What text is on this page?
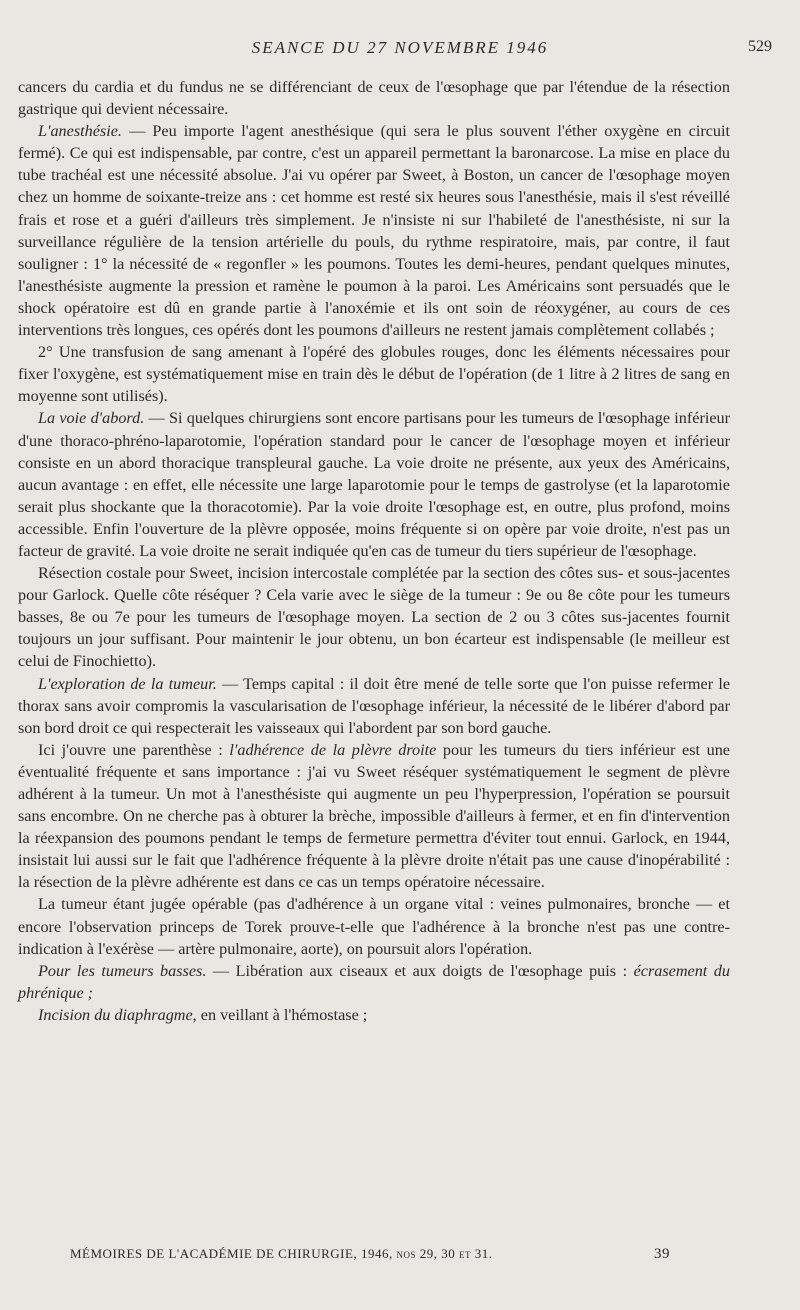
SEANCE DU 27 NOVEMBRE 1946	529

cancers du cardia et du fundus ne se différenciant de ceux de l'œsophage que par l'étendue de la résection gastrique qui devient nécessaire.

L'anesthésie. — Peu importe l'agent anesthésique (qui sera le plus souvent l'éther oxygène en circuit fermé). Ce qui est indispensable, par contre, c'est un appareil permettant la baronarcose. La mise en place du tube trachéal est une nécessité absolue. J'ai vu opérer par Sweet, à Boston, un cancer de l'œsophage moyen chez un homme de soixante-treize ans : cet homme est resté six heures sous l'anesthésie, mais il s'est réveillé frais et rose et a guéri d'ailleurs très simplement. Je n'insiste ni sur l'habileté de l'anesthésiste, ni sur la surveillance régulière de la tension artérielle du pouls, du rythme respiratoire, mais, par contre, il faut souligner : 1° la nécessité de « regonfler » les poumons. Toutes les demi-heures, pendant quelques minutes, l'anesthésiste augmente la pression et ramène le poumon à la paroi. Les Américains sont persuadés que le shock opératoire est dû en grande partie à l'anoxémie et ils ont soin de réoxygéner, au cours de ces interventions très longues, ces opérés dont les poumons d'ailleurs ne restent jamais complètement collabés ;

2° Une transfusion de sang amenant à l'opéré des globules rouges, donc les éléments nécessaires pour fixer l'oxygène, est systématiquement mise en train dès le début de l'opération (de 1 litre à 2 litres de sang en moyenne sont utilisés).

La voie d'abord. — Si quelques chirurgiens sont encore partisans pour les tumeurs de l'œsophage inférieur d'une thoraco-phréno-laparotomie, l'opération standard pour le cancer de l'œsophage moyen et inférieur consiste en un abord thoracique transpleural gauche. La voie droite ne présente, aux yeux des Américains, aucun avantage : en effet, elle nécessite une large laparotomie pour le temps de gastrolyse (et la laparotomie serait plus shockante que la thoracotomie). Par la voie droite l'œsophage est, en outre, plus profond, moins accessible. Enfin l'ouverture de la plèvre opposée, moins fréquente si on opère par voie droite, n'est pas un facteur de gravité. La voie droite ne serait indiquée qu'en cas de tumeur du tiers supérieur de l'œsophage.

Résection costale pour Sweet, incision intercostale complétée par la section des côtes sus- et sous-jacentes pour Garlock. Quelle côte réséquer ? Cela varie avec le siège de la tumeur : 9e ou 8e côte pour les tumeurs basses, 8e ou 7e pour les tumeurs de l'œsophage moyen. La section de 2 ou 3 côtes sus-jacentes fournit toujours un jour suffisant. Pour maintenir le jour obtenu, un bon écarteur est indispensable (le meilleur est celui de Finochietto).

L'exploration de la tumeur. — Temps capital : il doit être mené de telle sorte que l'on puisse refermer le thorax sans avoir compromis la vascularisation de l'œsophage inférieur, la nécessité de le libérer d'abord par son bord droit ce qui respecterait les vaisseaux qui l'abordent par son bord gauche.

Ici j'ouvre une parenthèse : l'adhérence de la plèvre droite pour les tumeurs du tiers inférieur est une éventualité fréquente et sans importance : j'ai vu Sweet réséquer systématiquement le segment de plèvre adhérent à la tumeur. Un mot à l'anesthésiste qui augmente un peu l'hyperpression, l'opération se poursuit sans encombre. On ne cherche pas à obturer la brèche, impossible d'ailleurs à fermer, et en fin d'intervention la réexpansion des poumons pendant le temps de fermeture permettra d'éviter tout ennui. Garlock, en 1944, insistait lui aussi sur le fait que l'adhérence fréquente à la plèvre droite n'était pas une cause d'inopérabilité : la résection de la plèvre adhérente est dans ce cas un temps opératoire nécessaire.

La tumeur étant jugée opérable (pas d'adhérence à un organe vital : veines pulmonaires, bronche — et encore l'observation princeps de Torek prouve-t-elle que l'adhérence à la bronche n'est pas une contre-indication à l'exérèse — artère pulmonaire, aorte), on poursuit alors l'opération.

Pour les tumeurs basses. — Libération aux ciseaux et aux doigts de l'œsophage puis : écrasement du phrénique ;

Incision du diaphragme, en veillant à l'hémostase ;

MÉMOIRES DE L'ACADÉMIE DE CHIRURGIE, 1946, nos 29, 30 et 31.	39
